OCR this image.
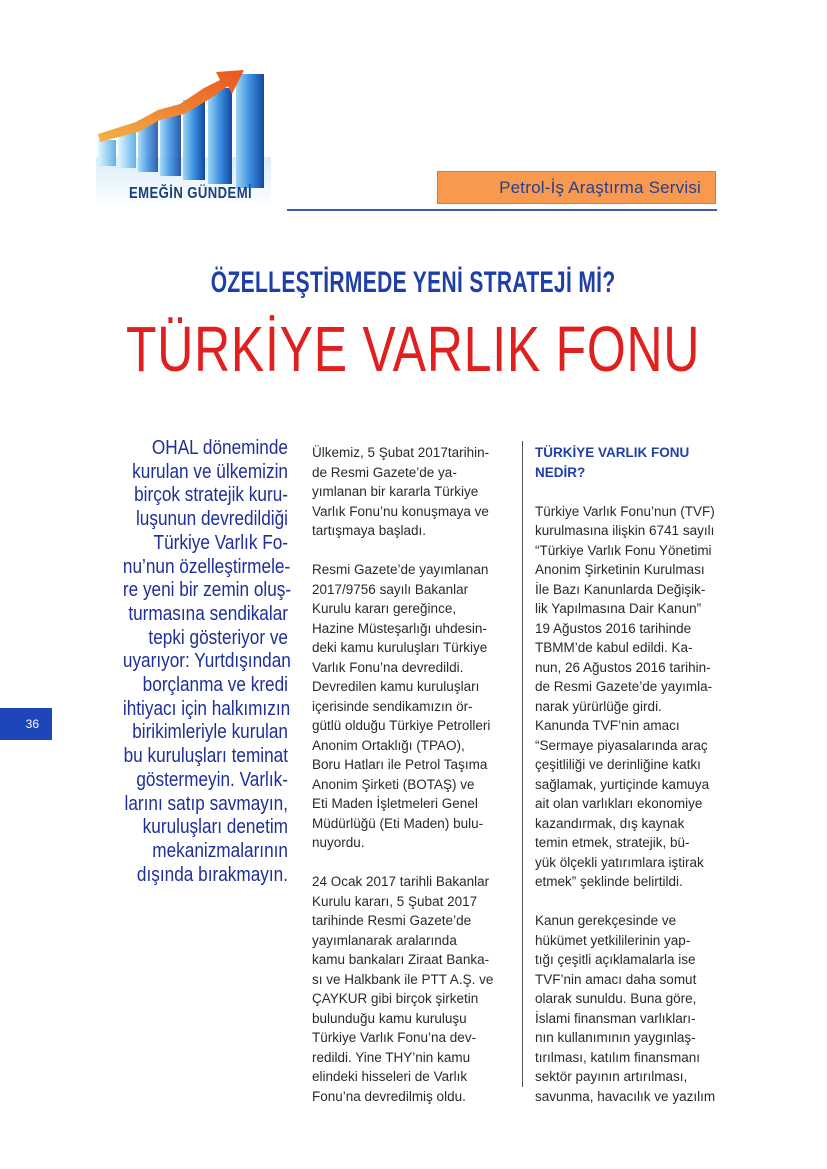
EMEĞİN GÜNDEMİ	Petrol-İş Araştırma Servisi
ÖZELLEŞTİRMEDE YENİ STRATEJİ Mİ?
TÜRKİYE VARLIK FONU
OHAL döneminde
kurulan ve ülkemizin
birçok stratejik kuru-
luşunun devredildiği
Türkiye Varlık Fo-
nu’nun özelleştirmele-
re yeni bir zemin oluş-
turmasına sendikalar
tepki gösteriyor ve
uyarıyor: Yurtdışından
borçlanma ve kredi
ihtiyacı için halkımızın
birikimleriyle kurulan
bu kuruluşları teminat
göstermeyin. Varlık-
larını satıp savmayın,
kuruluşları denetim
mekanizmalarının
dışında bırakmayın.
36
Ülkemiz, 5 Şubat 2017tarihin-
de Resmi Gazete’de ya-
yımlanan bir kararla Türkiye
Varlık Fonu’nu konuşmaya ve
tartışmaya başladı.
Resmi Gazete’de yayımlanan
2017/9756 sayılı Bakanlar
Kurulu kararı gereğince,
Hazine Müsteşarlığı uhdesin-
deki kamu kuruluşları Türkiye
Varlık Fonu’na devredildi.
Devredilen kamu kuruluşları
içerisinde sendikamızın ör-
gütlü olduğu Türkiye Petrolleri
Anonim Ortaklığı (TPAO),
Boru Hatları ile Petrol Taşıma
Anonim Şirketi (BOTAŞ) ve
Eti Maden İşletmeleri Genel
Müdürlüğü (Eti Maden) bulu-
nuyordu.
24 Ocak 2017 tarihli Bakanlar
Kurulu kararı, 5 Şubat 2017
tarihinde Resmi Gazete’de
yayımlanarak aralarında
kamu bankaları Ziraat Banka-
sı ve Halkbank ile PTT A.Ş. ve
ÇAYKUR gibi birçok şirketin
bulunduğu kamu kuruluşu
Türkiye Varlık Fonu’na dev-
redildi. Yine THY’nin kamu
elindeki hisseleri de Varlık
Fonu’na devredilmiş oldu.
TÜRKİYE VARLIK FONU
NEDİR?
Türkiye Varlık Fonu’nun (TVF)
kurulmasına ilişkin 6741 sayılı
“Türkiye Varlık Fonu Yönetimi
Anonim Şirketinin Kurulması
İle Bazı Kanunlarda Değişik-
lik Yapılmasına Dair Kanun”
19 Ağustos 2016 tarihinde
TBMM’de kabul edildi. Ka-
nun, 26 Ağustos 2016 tarihin-
de Resmi Gazete’de yayımla-
narak yürürlüğe girdi.
Kanunda TVF’nin amacı
“Sermaye piyasalarında araç
çeşitliliği ve derinliğine katkı
sağlamak, yurtiçinde kamuya
ait olan varlıkları ekonomiye
kazandırmak, dış kaynak
temin etmek, stratejik, bü-
yük ölçekli yatırımlara iştirak
etmek” şeklinde belirtildi.
Kanun gerekçesinde ve
hükümet yetkililerinin yap-
tığı çeşitli açıklamalarla ise
TVF’nin amacı daha somut
olarak sunuldu. Buna göre,
İslami finansman varlıkları-
nın kullanımının yaygınlaş-
tırılması, katılım finansmanı
sektör payının artırılması,
savunma, havacılık ve yazılım
